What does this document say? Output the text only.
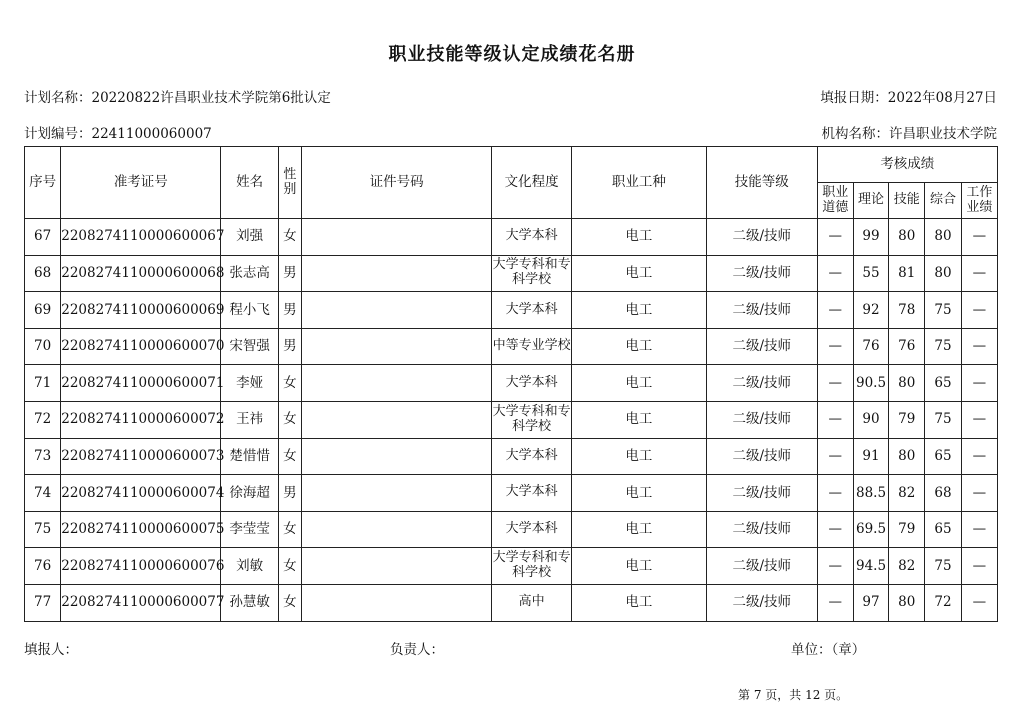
职业技能等级认定成绩花名册
计划名称：20220822许昌职业技术学院第6批认定	填报日期：2022年08月27日
计划编号：22411000060007	机构名称：许昌职业技术学院
序号	准考证号	姓名	性别	证件号码	文化程度	职业工种	技能等级	考核成绩				
								职业道德	理论	技能	综合	工作业绩
67	2208274110000600067	刘强	女		大学本科	电工	二级/技师	—	99	80	80	—
68	2208274110000600068	张志高	男		大学专科和专科学校	电工	二级/技师	—	55	81	80	—
69	2208274110000600069	程小飞	男		大学本科	电工	二级/技师	—	92	78	75	—
70	2208274110000600070	宋智强	男		中等专业学校	电工	二级/技师	—	76	76	75	—
71	2208274110000600071	李娅	女		大学本科	电工	二级/技师	—	90.5	80	65	—
72	2208274110000600072	王祎	女		大学专科和专科学校	电工	二级/技师	—	90	79	75	—
73	2208274110000600073	楚惜惜	女		大学本科	电工	二级/技师	—	91	80	65	—
74	2208274110000600074	徐海超	男		大学本科	电工	二级/技师	—	88.5	82	68	—
75	2208274110000600075	李莹莹	女		大学本科	电工	二级/技师	—	69.5	79	65	—
76	2208274110000600076	刘敏	女		大学专科和专科学校	电工	二级/技师	—	94.5	82	75	—
77	2208274110000600077	孙慧敏	女		高中	电工	二级/技师	—	97	80	72	—
填报人：	负责人：	单位：（章）
第 7 页，共 12 页。
